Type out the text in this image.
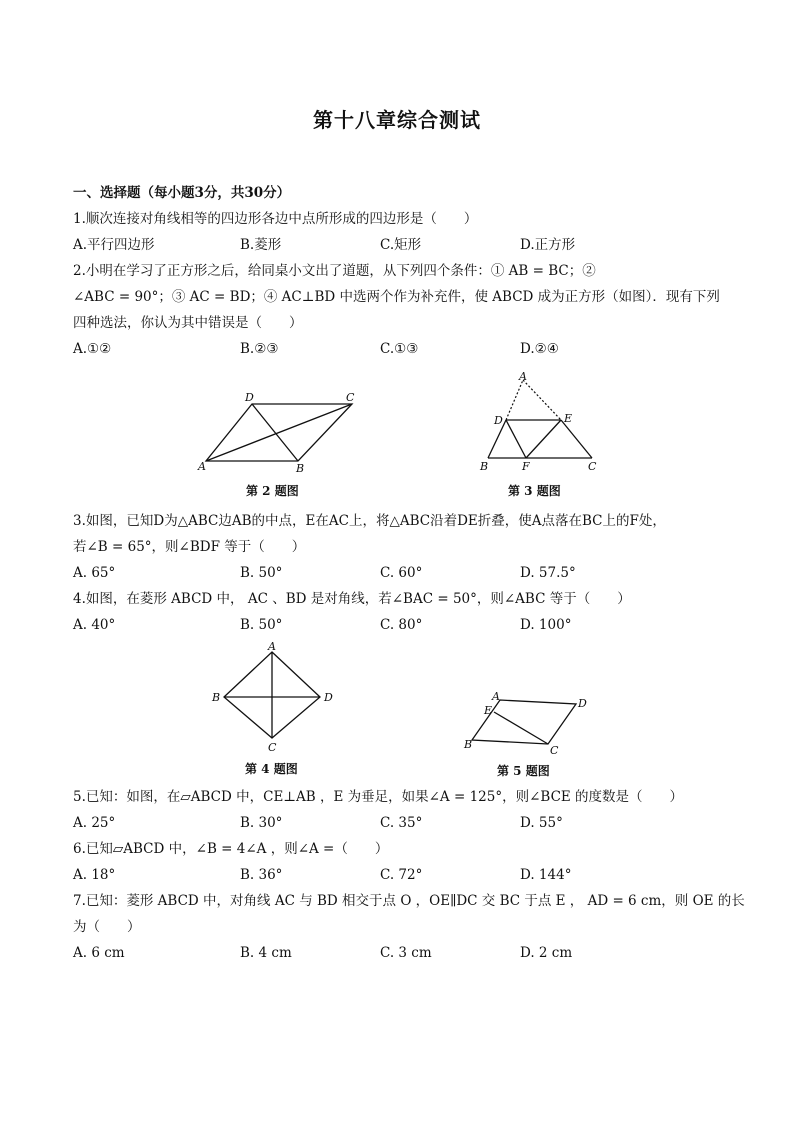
第十八章综合测试
一、选择题（每小题3分，共30分）
1.顺次连接对角线相等的四边形各边中点所形成的四边形是（　　）
A.平行四边形	B.菱形	C.矩形	D.正方形
2.小明在学习了正方形之后，给同桌小文出了道题，从下列四个条件：① AB = BC；②
∠ABC = 90°；③ AC = BD；④ AC⊥BD 中选两个作为补充件，使 ABCD 成为正方形（如图）．现有下列
四种选法，你认为其中错误是（　　）
A.①②	B.②③	C.①③	D.②④
A	B
C
D
第 2 题图
A
B	C
D	E
F
第 3 题图
3.如图，已知D为△ABC边AB的中点，E在AC上，将△ABC沿着DE折叠，使A点落在BC上的F处，
若∠B = 65°，则∠BDF 等于（　　）
A. 65°	B. 50°	C. 60°	D. 57.5°
4.如图，在菱形 ABCD 中， AC 、BD 是对角线，若∠BAC = 50°，则∠ABC 等于（　　）
A. 40°	B. 50°	C. 80°	D. 100°
A
B
C
D
第 4 题图
A
B	C
D
E
第 5 题图
5.已知：如图，在▱ABCD 中，CE⊥AB ，E 为垂足，如果∠A = 125°，则∠BCE 的度数是（　　）
A. 25°	B. 30°	C. 35°	D. 55°
6.已知▱ABCD 中，∠B = 4∠A ，则∠A =（　　）
A. 18°	B. 36°	C. 72°	D. 144°
7.已知：菱形 ABCD 中，对角线 AC 与 BD 相交于点 O ，OE∥DC 交 BC 于点 E ， AD = 6 cm，则 OE 的长
为（　　）
A. 6 cm	B. 4 cm	C. 3 cm	D. 2 cm
